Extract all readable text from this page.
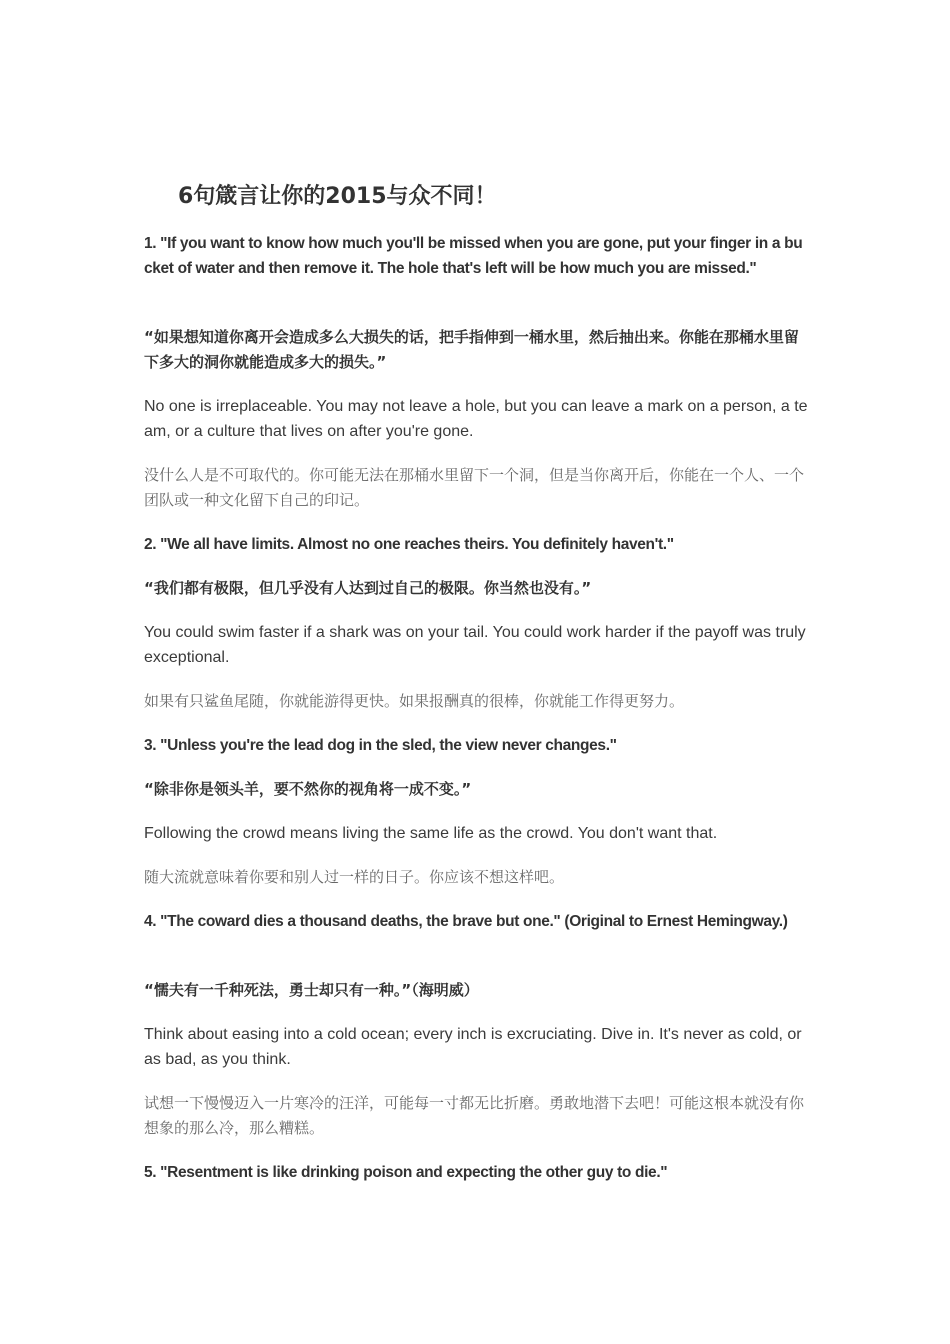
6句箴言让你的2015与众不同！

1. "If you want to know how much you'll be missed when you are gone, put your finger in a bucket of water and then remove it. The hole that's left will be how much you are missed."

“如果想知道你离开会造成多么大损失的话，把手指伸到一桶水里，然后抽出来。你能在那桶水里留下多大的洞你就能造成多大的损失。”

No one is irreplaceable. You may not leave a hole, but you can leave a mark on a person, a team, or a culture that lives on after you're gone.

没什么人是不可取代的。你可能无法在那桶水里留下一个洞，但是当你离开后，你能在一个人、一个团队或一种文化留下自己的印记。

2. "We all have limits. Almost no one reaches theirs. You definitely haven't."

“我们都有极限，但几乎没有人达到过自己的极限。你当然也没有。”

You could swim faster if a shark was on your tail. You could work harder if the payoff was truly exceptional.

如果有只鲨鱼尾随，你就能游得更快。如果报酬真的很棒，你就能工作得更努力。

3. "Unless you're the lead dog in the sled, the view never changes."

“除非你是领头羊，要不然你的视角将一成不变。”

Following the crowd means living the same life as the crowd. You don't want that.

随大流就意味着你要和别人过一样的日子。你应该不想这样吧。

4. "The coward dies a thousand deaths, the brave but one." (Original to Ernest Hemingway.)

“懦夫有一千种死法，勇士却只有一种。”（海明威）

Think about easing into a cold ocean; every inch is excruciating. Dive in. It's never as cold, or as bad, as you think.

试想一下慢慢迈入一片寒冷的汪洋，可能每一寸都无比折磨。勇敢地潜下去吧！可能这根本就没有你想象的那么冷，那么糟糕。

5. "Resentment is like drinking poison and expecting the other guy to die."
